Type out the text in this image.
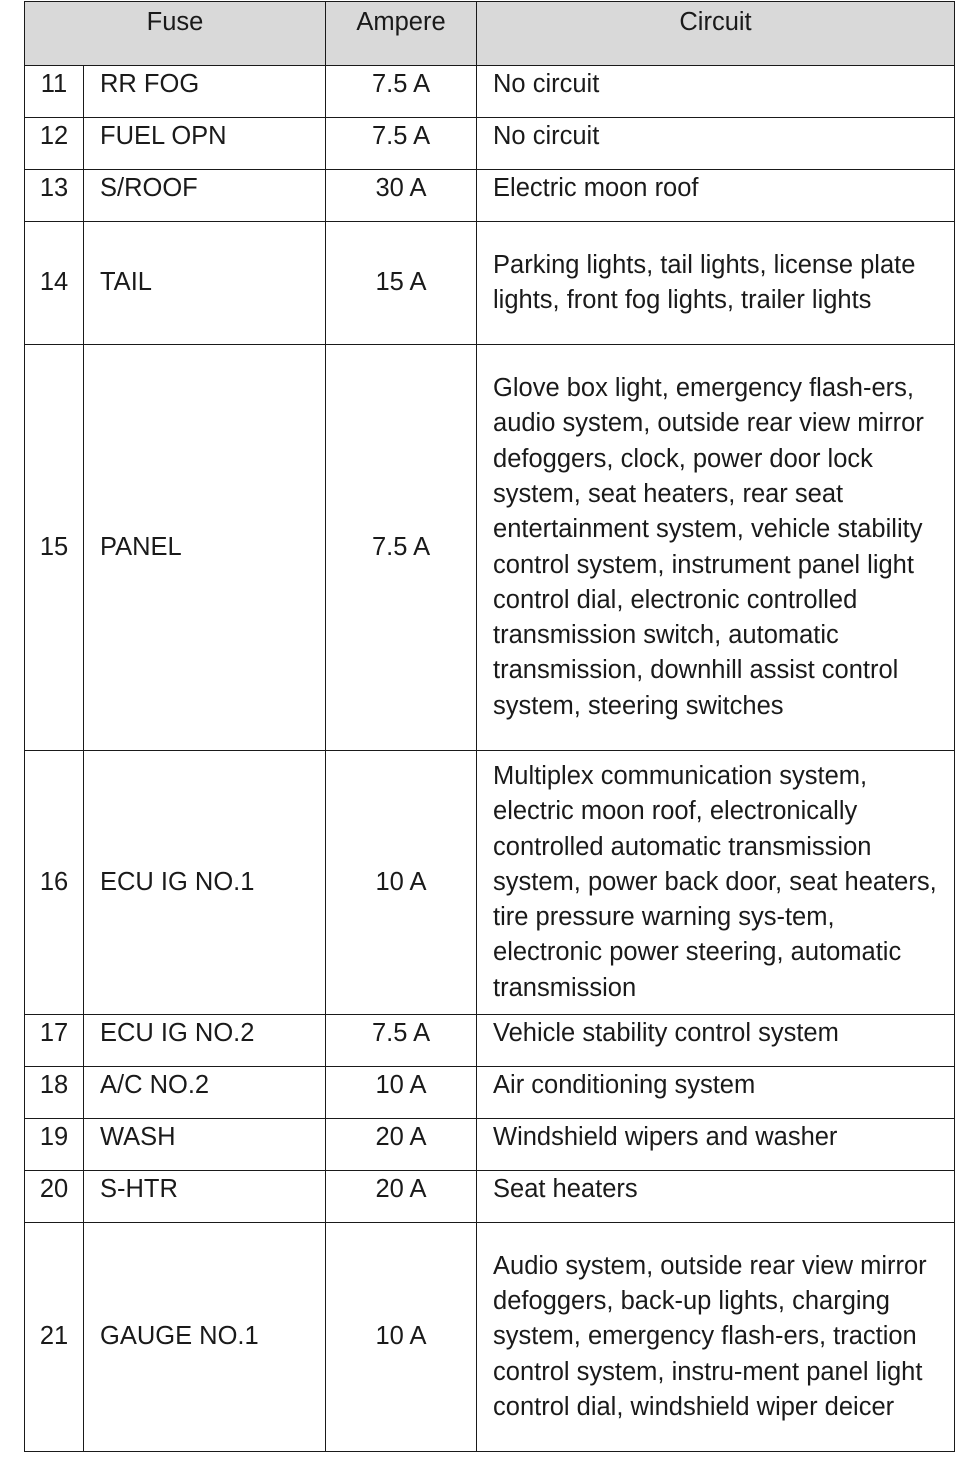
Fuse		Ampere	Circuit
11	RR FOG	7.5 A	No circuit
12	FUEL OPN	7.5 A	No circuit
13	S/ROOF	30 A	Electric moon roof
14	TAIL	15 A	Parking lights, tail lights, license plate lights, front fog lights, trailer lights
15	PANEL	7.5 A	Glove box light, emergency flash-ers, audio system, outside rear view mirror defoggers, clock, power door lock system, seat heaters, rear seat entertainment system, vehicle stability control system, instrument panel light control dial, electronic controlled transmission switch, automatic transmission, downhill assist control system, steering switches
16	ECU IG NO.1	10 A	Multiplex communication system, electric moon roof, electronically controlled automatic transmission system, power back door, seat heaters, tire pressure warning sys-tem, electronic power steering, automatic transmission
17	ECU IG NO.2	7.5 A	Vehicle stability control system
18	A/C NO.2	10 A	Air conditioning system
19	WASH	20 A	Windshield wipers and washer
20	S-HTR	20 A	Seat heaters
21	GAUGE NO.1	10 A	Audio system, outside rear view mirror defoggers, back-up lights, charging system, emergency flash-ers, traction control system, instru-ment panel light control dial, windshield wiper deicer
